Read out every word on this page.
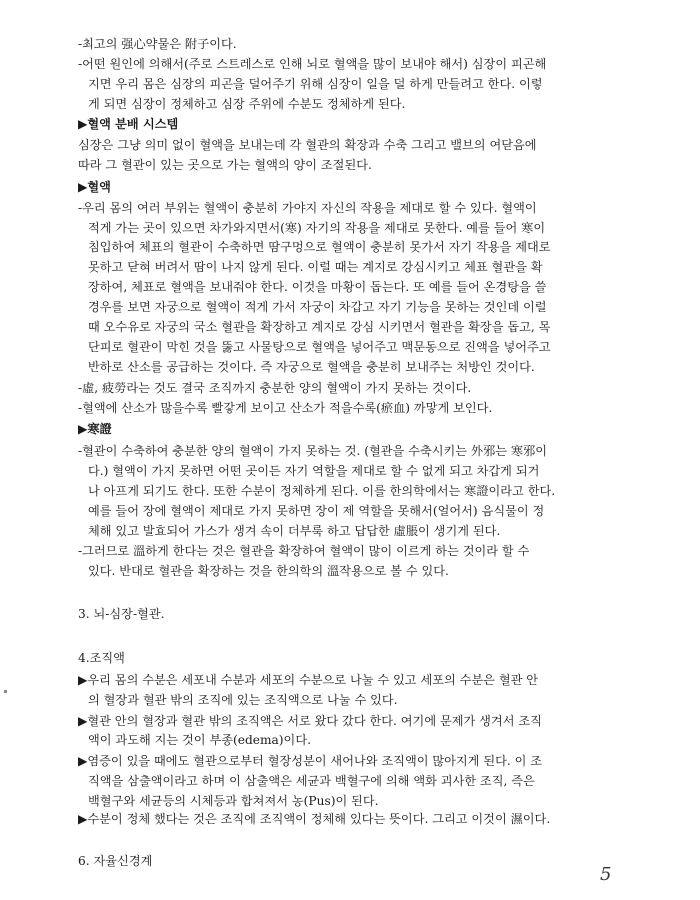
-최고의 强心약물은 附子이다.
-어떤 원인에 의해서(주로 스트레스로 인해 뇌로 혈액을 많이 보내야 해서) 심장이 피곤해
지면 우리 몸은 심장의 피곤을 덜어주기 위해 심장이 일을 덜 하게 만들려고 한다. 이렇
게 되면 심장이 정체하고 심장 주위에 수분도 정체하게 된다.
▶혈액 분배 시스템
심장은 그냥 의미 없이 혈액을 보내는데 각 혈관의 확장과 수축 그리고 밸브의 여닫음에
따라 그 혈관이 있는 곳으로 가는 혈액의 양이 조절된다.
▶혈액
-우리 몸의 여러 부위는 혈액이 충분히 가야지 자신의 작용을 제대로 할 수 있다. 혈액이
적게 가는 곳이 있으면 차가와지면서(寒) 자기의 작용을 제대로 못한다. 예를 들어 寒이
침입하여 체표의 혈관이 수축하면 땀구멍으로 혈액이 충분히 못가서 자기 작용을 제대로
못하고 닫혀 버려서 땀이 나지 않게 된다. 이럴 때는 계지로 강심시키고 체표 혈관을 확
장하여, 체표로 혈액을 보내줘야 한다. 이것을 마황이 돕는다. 또 예를 들어 온경탕을 쓸
경우를 보면 자궁으로 혈액이 적게 가서 자궁이 차갑고 자기 기능을 못하는 것인데 이럴
때 오수유로 자궁의 국소 혈관을 확장하고 계지로 강심 시키면서 혈관을 확장을 돕고, 목
단피로 혈관이 막힌 것을 뚫고 사물탕으로 혈액을 넣어주고 맥문동으로 진액을 넣어주고
반하로 산소를 공급하는 것이다. 즉 자궁으로 혈액을 충분히 보내주는 처방인 것이다.
-虛, 疲勞라는 것도 결국 조직까지 충분한 양의 혈액이 가지 못하는 것이다.
-혈액에 산소가 많을수록 빨갛게 보이고 산소가 적을수록(瘀血) 까맣게 보인다.
▶寒證
-혈관이 수축하여 충분한 양의 혈액이 가지 못하는 것. (혈관을 수축시키는 外邪는 寒邪이
다.) 혈액이 가지 못하면 어떤 곳이든 자기 역할을 제대로 할 수 없게 되고 차갑게 되거
나 아프게 되기도 한다. 또한 수분이 정체하게 된다. 이를 한의학에서는 寒證이라고 한다.
예를 들어 장에 혈액이 제대로 가지 못하면 장이 제 역할을 못해서(얼어서) 음식물이 정
체해 있고 발효되어 가스가 생겨 속이 더부룩 하고 답답한 虛脹이 생기게 된다.
-그러므로 溫하게 한다는 것은 혈관을 확장하여 혈액이 많이 이르게 하는 것이라 할 수
있다. 반대로 혈관을 확장하는 것을 한의학의 溫작용으로 볼 수 있다.
3. 뇌-심장-혈관.
4.조직액
▶우리 몸의 수분은 세포내 수분과 세포의 수분으로 나눌 수 있고 세포의 수분은 혈관 안
의 혈장과 혈관 밖의 조직에 있는 조직액으로 나눌 수 있다.
▶혈관 안의 혈장과 혈관 밖의 조직액은 서로 왔다 갔다 한다. 여기에 문제가 생겨서 조직
액이 과도해 지는 것이 부종(edema)이다.
▶염증이 있을 때에도 혈관으로부터 혈장성분이 새어나와 조직액이 많아지게 된다. 이 조
직액을 삼출액이라고 하며 이 삼출액은 세균과 백혈구에 의해 액화 괴사한 조직, 즉은
백혈구와 세균등의 시체등과 합쳐져서 농(Pus)이 된다.
▶수분이 정체 했다는 것은 조직에 조직액이 정체해 있다는 뜻이다. 그리고 이것이 濕이다.
6. 자율신경계
5
